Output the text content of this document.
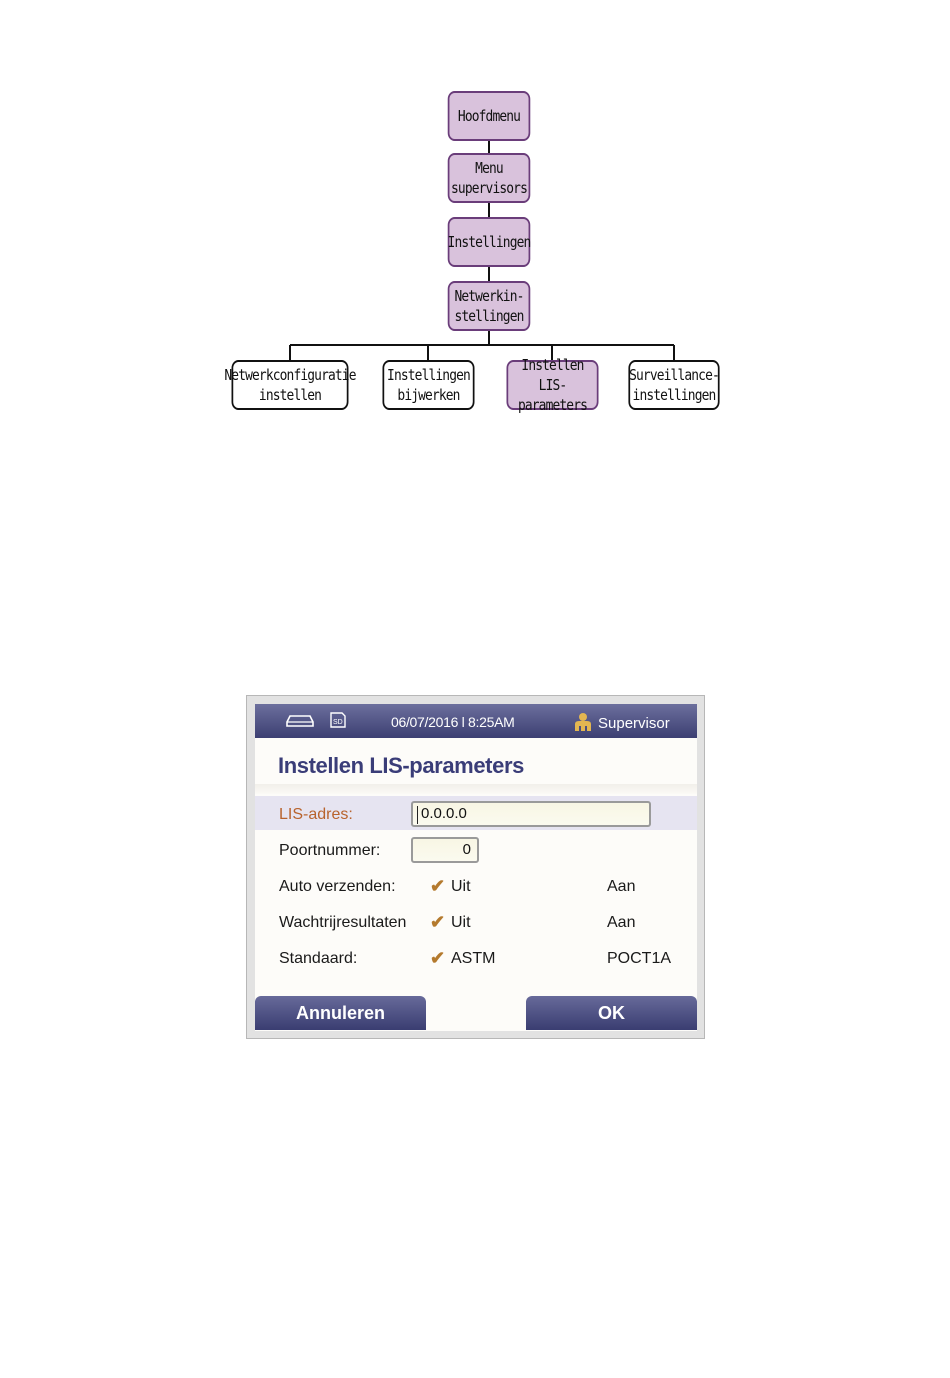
Hoofdmenu
Menu
supervisors
Instellingen
Netwerkin-
stellingen
Netwerkconfiguratie
instellen
Instellingen
bijwerken
Instellen LIS-
parameters
Surveillance-
instellingen
SD	06/07/2016 l 8:25AM	Supervisor
Instellen LIS-parameters
LIS-adres:	0.0.0.0
Poortnummer:	0
Auto verzenden: ✔ Uit	Aan
Wachtrijresultaten ✔ Uit	Aan
Standaard:	✔ ASTM	POCT1A
Annuleren	OK
